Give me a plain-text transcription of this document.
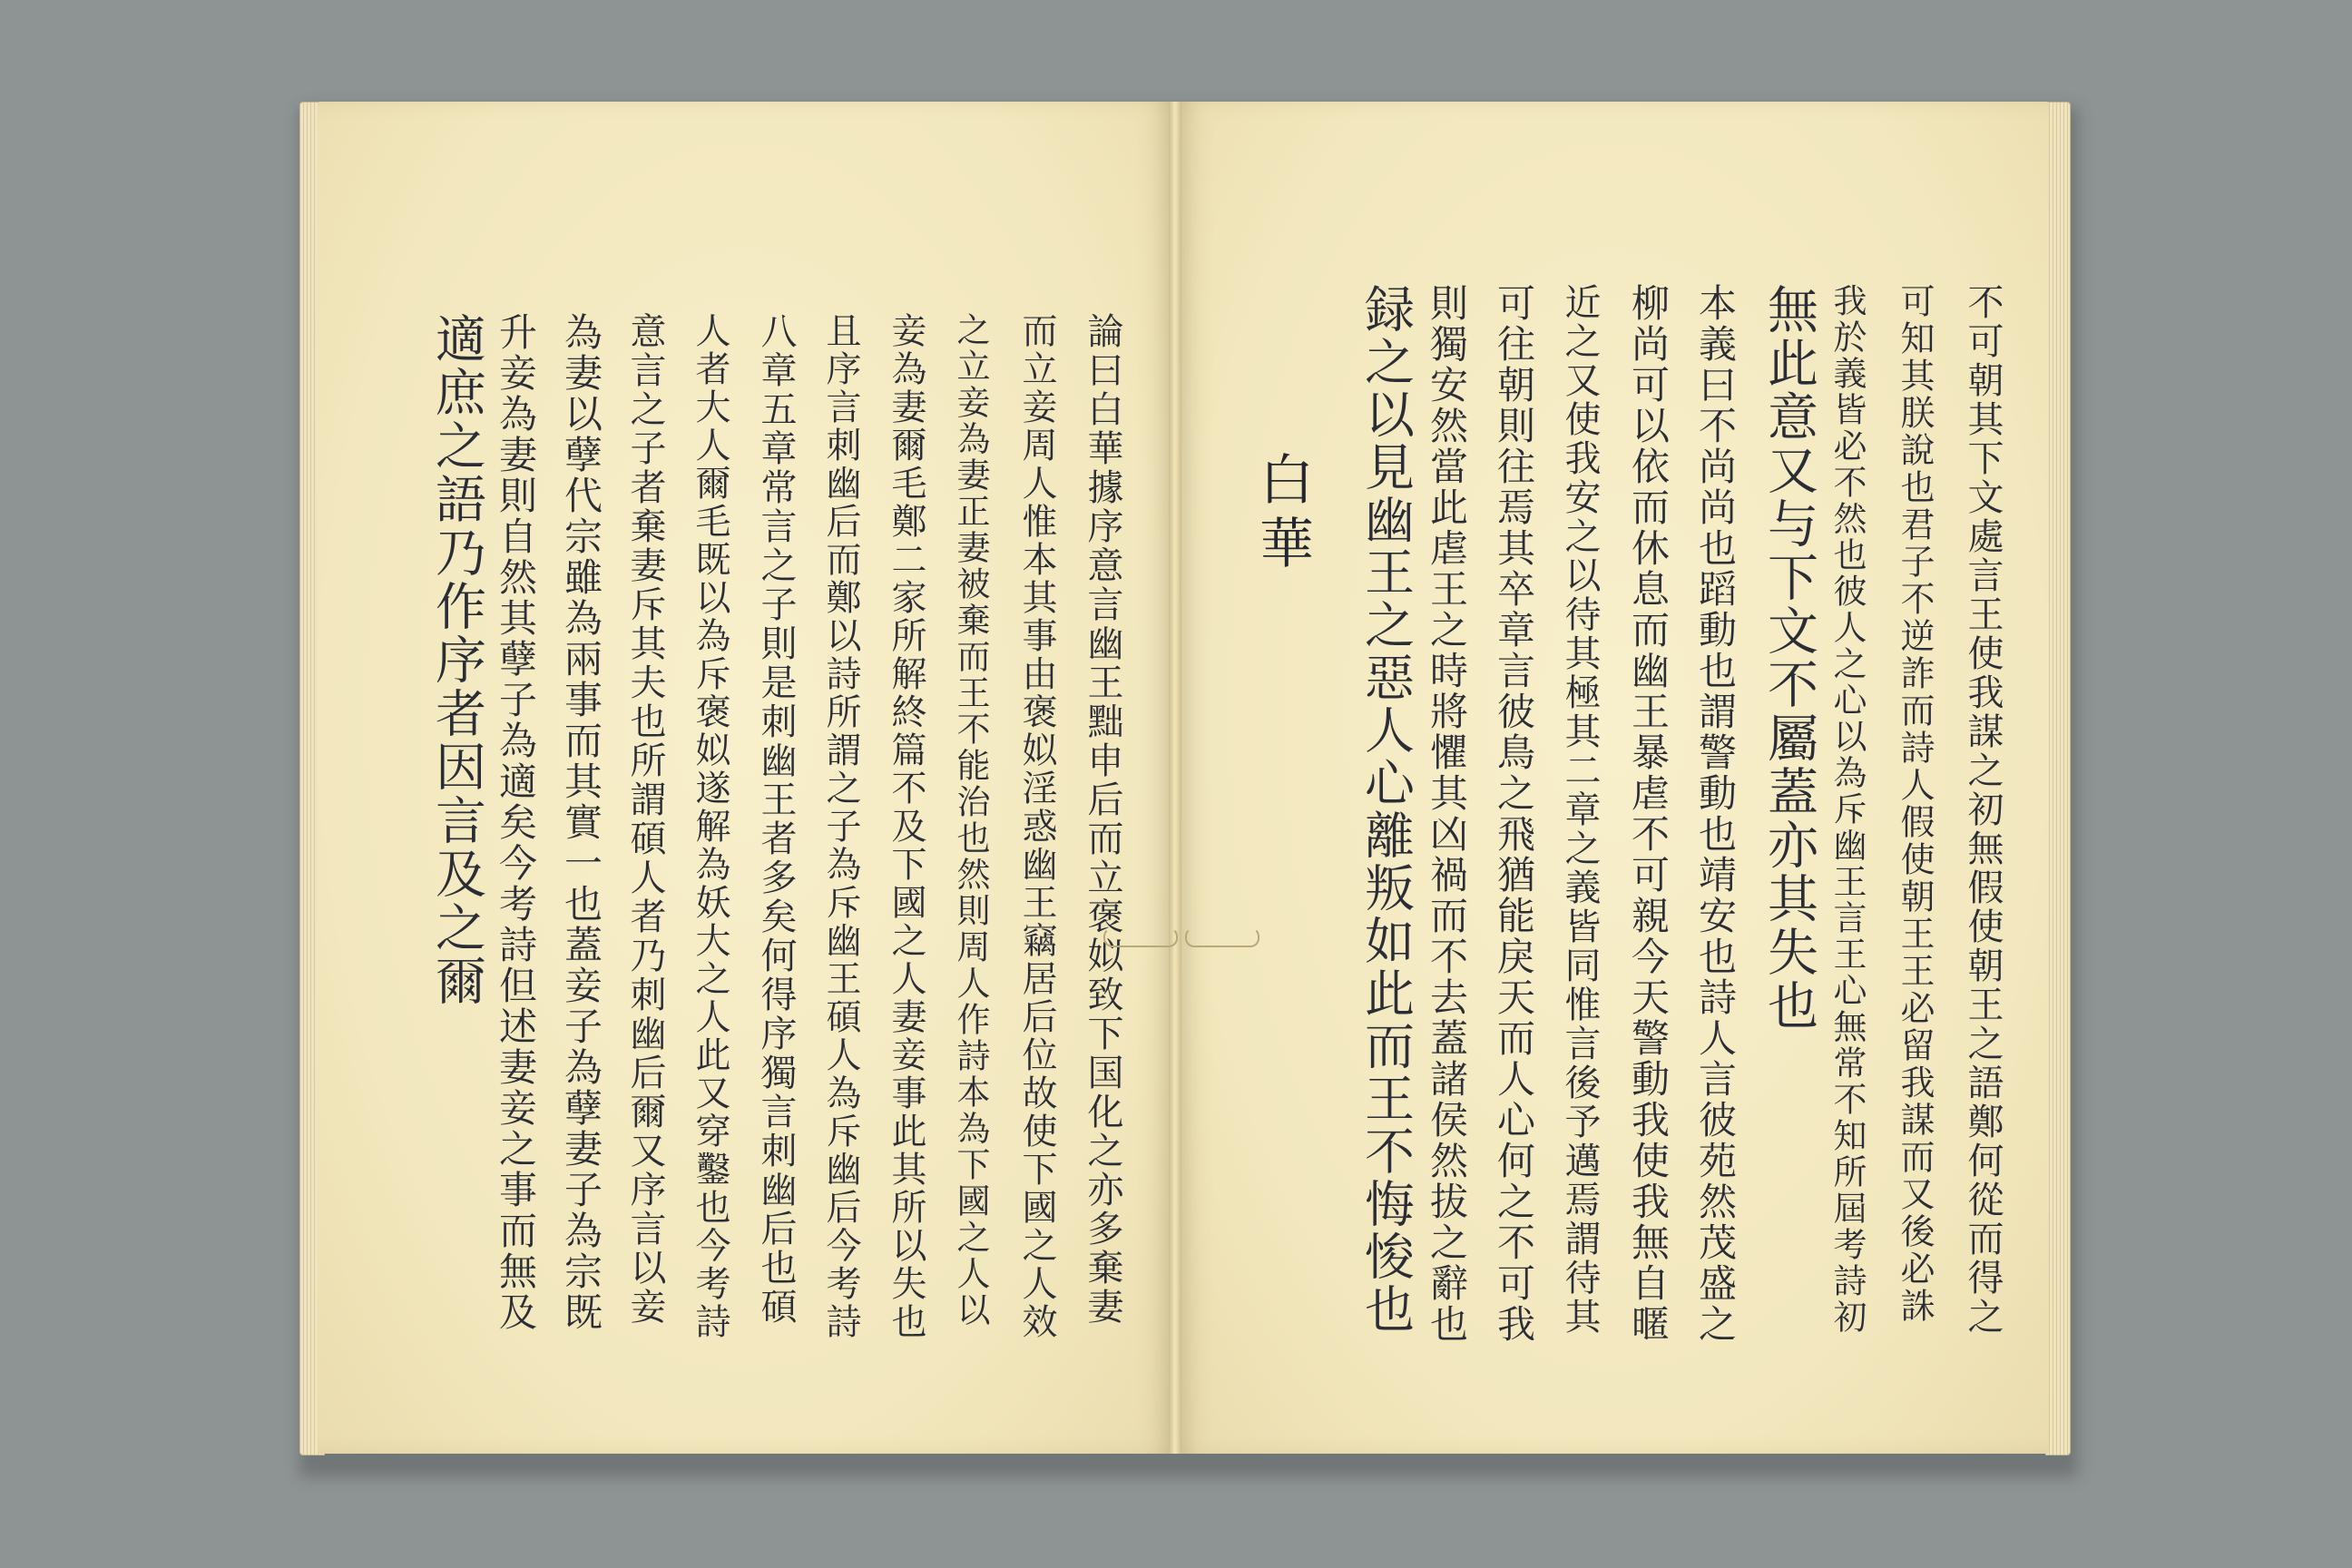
論曰白華據序意言幽王黜申后而立褒姒致下国化之亦多棄妻
而立妾周人惟本其事由褒姒淫惑幽王竊居后位故使下國之人效
之立妾為妻正妻被棄而王不能治也然則周人作詩本為下國之人以
妾為妻爾毛鄭二家所解終篇不及下國之人妻妾事此其所以失也
且序言刺幽后而鄭以詩所謂之子為斥幽王碩人為斥幽后今考詩
八章五章常言之子則是刺幽王者多矣何得序獨言刺幽后也碩
人者大人爾毛既以為斥褒姒遂解為妖大之人此又穿鑿也今考詩
意言之子者棄妻斥其夫也所謂碩人者乃刺幽后爾又序言以妾
為妻以孽代宗雖為兩事而其實一也蓋妾子為孽妻子為宗既
升妾為妻則自然其孽子為適矣今考詩但述妻妾之事而無及
適庶之語乃作序者因言及之爾	不可朝其下文處言王使我謀之初無假使朝王之語鄭何從而得之
可知其朕說也君子不逆詐而詩人假使朝王王必留我謀而又後必誅
我於義皆必不然也彼人之心以為斥幽王言王心無常不知所屆考詩初
無此意又与下文不屬蓋亦其失也
本義曰不尚尚也蹈動也謂警動也靖安也詩人言彼苑然茂盛之
柳尚可以依而休息而幽王暴虐不可親今天警動我使我無自暱
近之又使我安之以待其極其二章之義皆同惟言後予邁焉謂待其
可往朝則往焉其卒章言彼鳥之飛猶能戾天而人心何之不可我
則獨安然當此虐王之時將懼其凶禍而不去蓋諸侯然拔之辭也
録之以見幽王之惡人心離叛如此而王不悔悛也
白華
